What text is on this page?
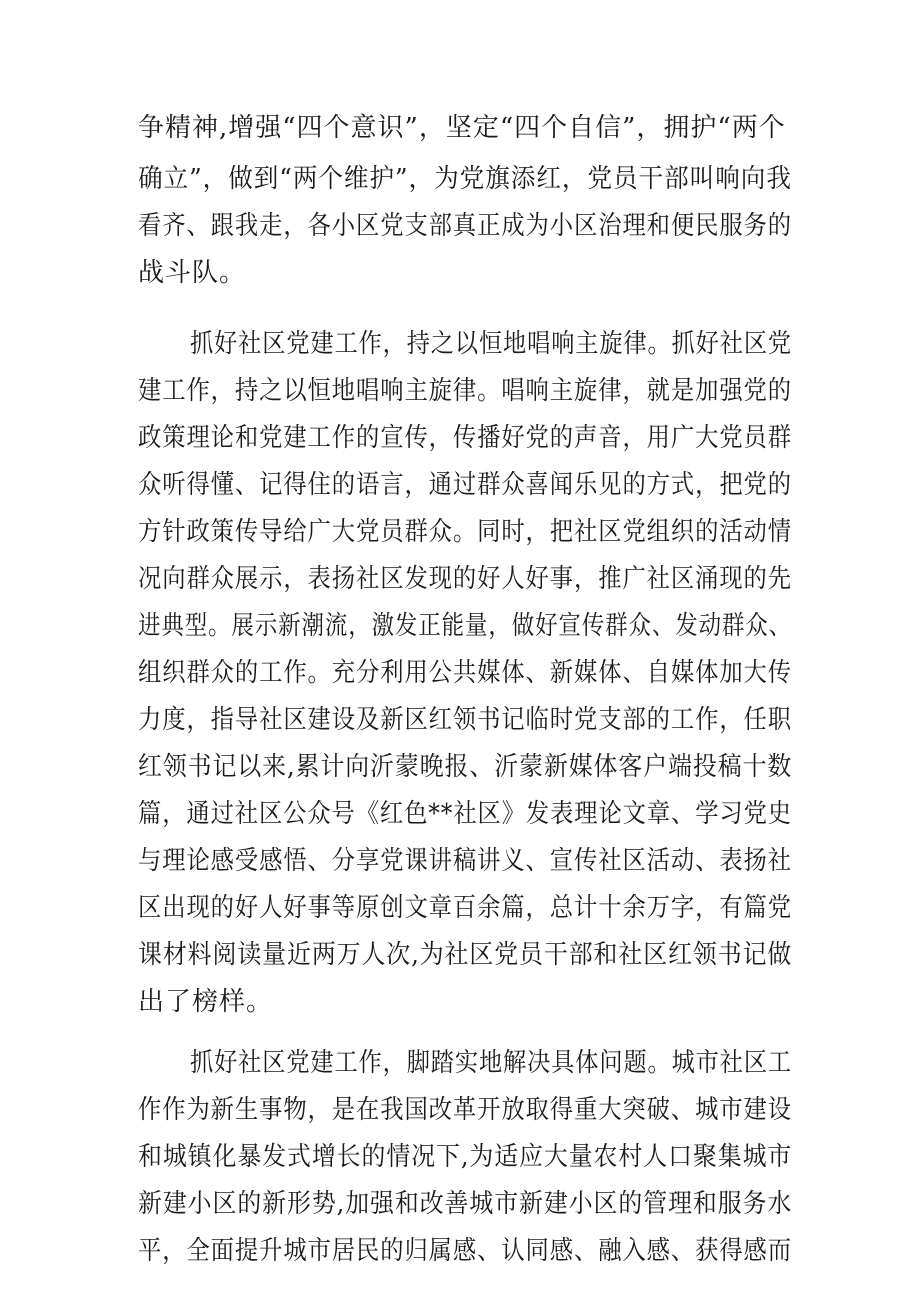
争精神,增强“四个意识”，坚定“四个自信”，拥护“两个
确立”，做到“两个维护”，为党旗添红，党员干部叫响向我
看齐、跟我走，各小区党支部真正成为小区治理和便民服务的
战斗队。
抓好社区党建工作，持之以恒地唱响主旋律。抓好社区党
建工作，持之以恒地唱响主旋律。唱响主旋律，就是加强党的
政策理论和党建工作的宣传，传播好党的声音，用广大党员群
众听得懂、记得住的语言，通过群众喜闻乐见的方式，把党的
方针政策传导给广大党员群众。同时，把社区党组织的活动情
况向群众展示，表扬社区发现的好人好事，推广社区涌现的先
进典型。展示新潮流，激发正能量，做好宣传群众、发动群众、
组织群众的工作。充分利用公共媒体、新媒体、自媒体加大传
力度，指导社区建设及新区红领书记临时党支部的工作，任职
红领书记以来,累计向沂蒙晚报、沂蒙新媒体客户端投稿十数
篇，通过社区公众号《红色**社区》发表理论文章、学习党史
与理论感受感悟、分享党课讲稿讲义、宣传社区活动、表扬社
区出现的好人好事等原创文章百余篇，总计十余万字，有篇党
课材料阅读量近两万人次,为社区党员干部和社区红领书记做
出了榜样。
抓好社区党建工作，脚踏实地解决具体问题。城市社区工
作作为新生事物，是在我国改革开放取得重大突破、城市建设
和城镇化暴发式增长的情况下,为适应大量农村人口聚集城市
新建小区的新形势,加强和改善城市新建小区的管理和服务水
平，全面提升城市居民的归属感、认同感、融入感、获得感而
